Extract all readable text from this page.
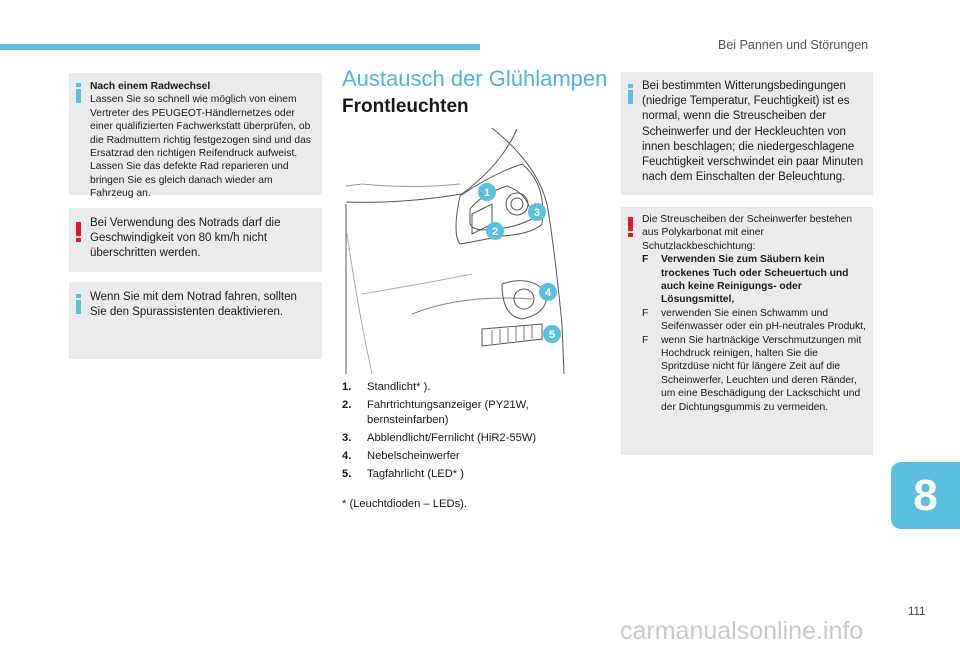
Bei Pannen und Störungen
Nach einem Radwechsel
Lassen Sie so schnell wie möglich von einem Vertreter des PEUGEOT-Händlernetzes oder einer qualifizierten Fachwerkstatt überprüfen, ob die Radmuttern richtig festgezogen sind und das Ersatzrad den richtigen Reifendruck aufweist. Lassen Sie das defekte Rad reparieren und bringen Sie es gleich danach wieder am Fahrzeug an.
Bei Verwendung des Notrads darf die Geschwindigkeit von 80 km/h nicht überschritten werden.
Wenn Sie mit dem Notrad fahren, sollten Sie den Spurassistenten deaktivieren.
Austausch der Glühlampen
Frontleuchten
1
3
2
4
5
1. Standlicht* ).
2. Fahrtrichtungsanzeiger (PY21W, bernsteinfarben)
3. Abblendlicht/Fernlicht (HiR2-55W)
4. Nebelscheinwerfer
5. Tagfahrlicht (LED* )
* (Leuchtdioden – LEDs).
Bei bestimmten Witterungsbedingungen (niedrige Temperatur, Feuchtigkeit) ist es normal, wenn die Streuscheiben der Scheinwerfer und der Heckleuchten von innen beschlagen; die niedergeschlagene Feuchtigkeit verschwindet ein paar Minuten nach dem Einschalten der Beleuchtung.
Die Streuscheiben der Scheinwerfer bestehen aus Polykarbonat mit einer Schutzlackbeschichtung:
F Verwenden Sie zum Säubern kein trockenes Tuch oder Scheuertuch und auch keine Reinigungs- oder Lösungsmittel,
F verwenden Sie einen Schwamm und Seifenwasser oder ein pH-neutrales Produkt,
F wenn Sie hartnäckige Verschmutzungen mit Hochdruck reinigen, halten Sie die Spritzdüse nicht für längere Zeit auf die Scheinwerfer, Leuchten und deren Ränder, um eine Beschädigung der Lackschicht und der Dichtungsgummis zu vermeiden.
8
111
carmanualsonline.info
